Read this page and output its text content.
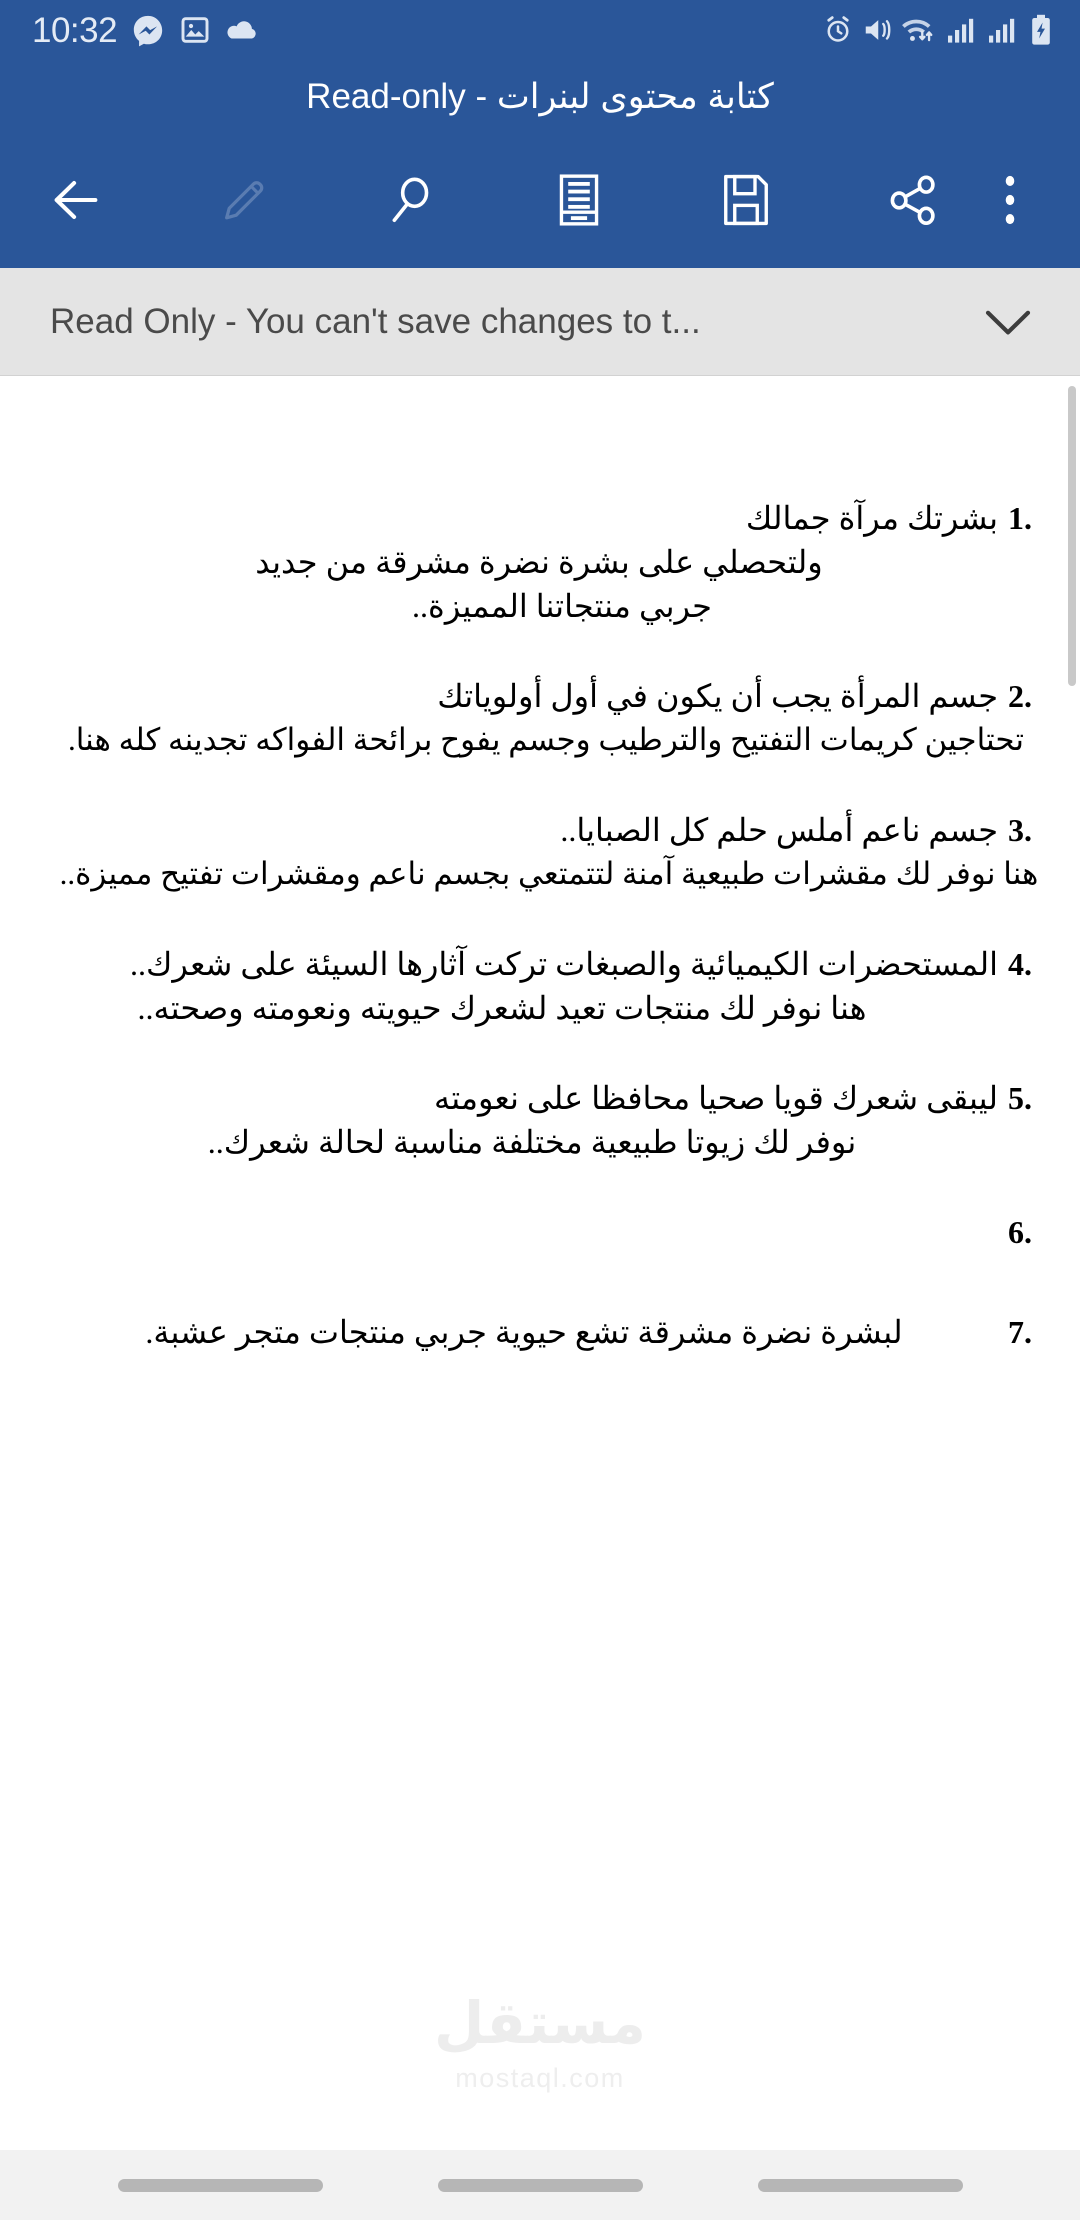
10:32
كتابة محتوى لبنرات - Read-only
Read Only - You can't save changes to t...
1.
بشرتك مرآة جمالك
ولتحصلي على بشرة نضرة مشرقة من جديد
جربي منتجاتنا المميزة..
2.
جسم المرأة يجب أن يكون في أول أولوياتك
تحتاجين كريمات التفتيح والترطيب وجسم يفوح برائحة الفواكه تجدينه كله هنا.
3.
جسم ناعم أملس حلم كل الصبايا..
هنا نوفر لك مقشرات طبيعية آمنة لتتمتعي بجسم ناعم ومقشرات تفتيح مميزة..
4.
المستحضرات الكيميائية والصبغات تركت آثارها السيئة على شعرك..
هنا نوفر لك منتجات تعيد لشعرك حيويته ونعومته وصحته..
5.
ليبقى شعرك قويا صحيا محافظا على نعومته
نوفر لك زيوتا طبيعية مختلفة مناسبة لحالة شعرك..
6.
7.
لبشرة نضرة مشرقة تشع حيوية جربي منتجات متجر عشبة.
مستقل
mostaql.com
